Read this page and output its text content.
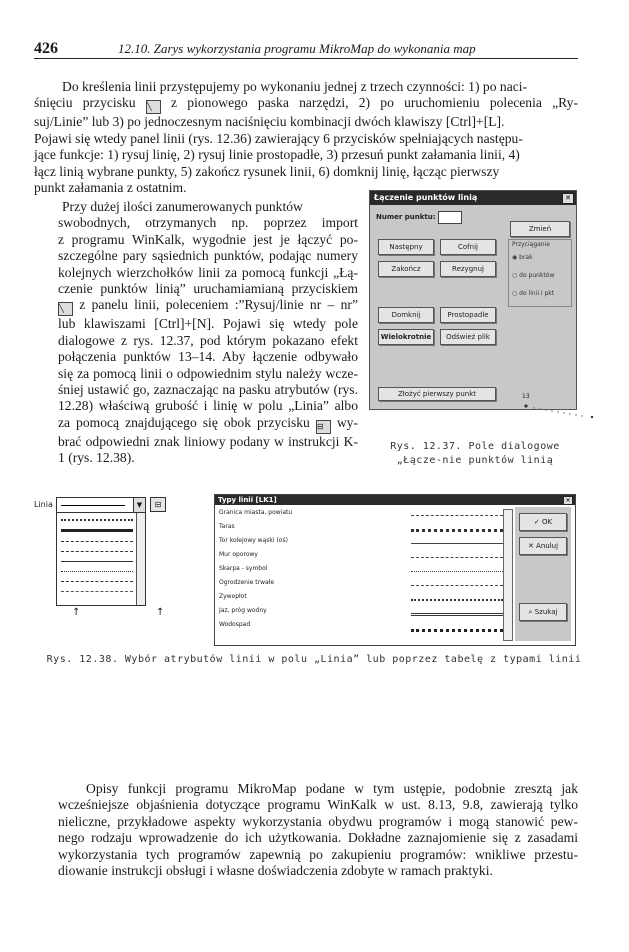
426	12.10. Zarys wykorzystania programu MikroMap do wykonania map
Do kreślenia linii przystępujemy po wykonaniu jednej z trzech czynności: 1) po naci-
śnięciu przycisku ╲ z pionowego paska narzędzi, 2) po uruchomieniu polecenia „Ry-
suj/Linie” lub 3) po jednoczesnym naciśnięciu kombinacji dwóch klawiszy [Ctrl]+[L].
Pojawi się wtedy panel linii (rys. 12.36) zawierający 6 przycisków spełniających następu-
jące funkcje: 1) rysuj linię, 2) rysuj linie prostopadłe, 3) przesuń punkt załamania linii, 4)
łącz linią wybrane punkty, 5) zakończ rysunek linii, 6) domknij linię, łącząc pierwszy
punkt załamania z ostatnim.
Przy dużej ilości zanumerowanych punktów
swobodnych, otrzymanych np. poprzez import
z programu WinKalk, wygodnie jest je łączyć po-
szczególne pary sąsiednich punktów, podając numery
kolejnych wierzchołków linii za pomocą funkcji „Łą-
czenie punktów linią” uruchamiamianą przyciskiem
╲ z panelu linii, poleceniem :”Rysuj/linie nr – nr”
lub klawiszami [Ctrl]+[N]. Pojawi się wtedy pole
dialogowe z rys. 12.37, pod którym pokazano efekt
połączenia punktów 13–14. Aby łączenie odbywało
się za pomocą linii o odpowiednim stylu należy wcze-
śniej ustawić go, zaznaczając na pasku atrybutów (rys.
12.28) właściwą grubość i linię w polu „Linia” albo
za pomocą znajdującego się obok przycisku ⊟ wy-
brać odpowiedni znak liniowy podany w instrukcji K-
1 (rys. 12.38).
Łączenie punktów linią	✕
Numer punktu:
Zmień
Następny	Cofnij
Zakończ	Rezygnuj
Przyciąganie
◉ brak
○ do punktów
○ do linii i pkt
Domknij	Prostopadle
Wielokrotnie	Odśwież plik
Złożyć pierwszy punkt	13
Rys. 12.37. Pole dialogowe „Łącze-nie punktów linią
Linia	▼	⊟
↑	↑
Typy linii [LK1]	✕
Granica miasta, powiatu
Taras
Tor kolejowy wąski (oś)
Mur oporowy
Skarpa - symbol
Ogrodzenie trwałe
Zywopłot
Jaz, próg wodny
Wodospad
✓ OK
✕ Anuluj
⌕ Szukaj
Rys. 12.38. Wybór atrybutów linii w polu „Linia” lub poprzez tabelę z typami linii
Opisy funkcji programu MikroMap podane w tym ustępie, podobnie zresztą jak
wcześniejsze objaśnienia dotyczące programu WinKalk w ust. 8.13, 9.8, zawierają tylko
nieliczne, przykładowe aspekty wykorzystania obydwu programów i mogą stanowić pew-
nego rodzaju wprowadzenie do ich użytkowania. Dokładne zaznajomienie się z zasadami
wykorzystania tych programów zapewnią po zakupieniu programów: wnikliwe przestu-
diowanie instrukcji obsługi i własne doświadczenia zdobyte w ramach praktyki.
